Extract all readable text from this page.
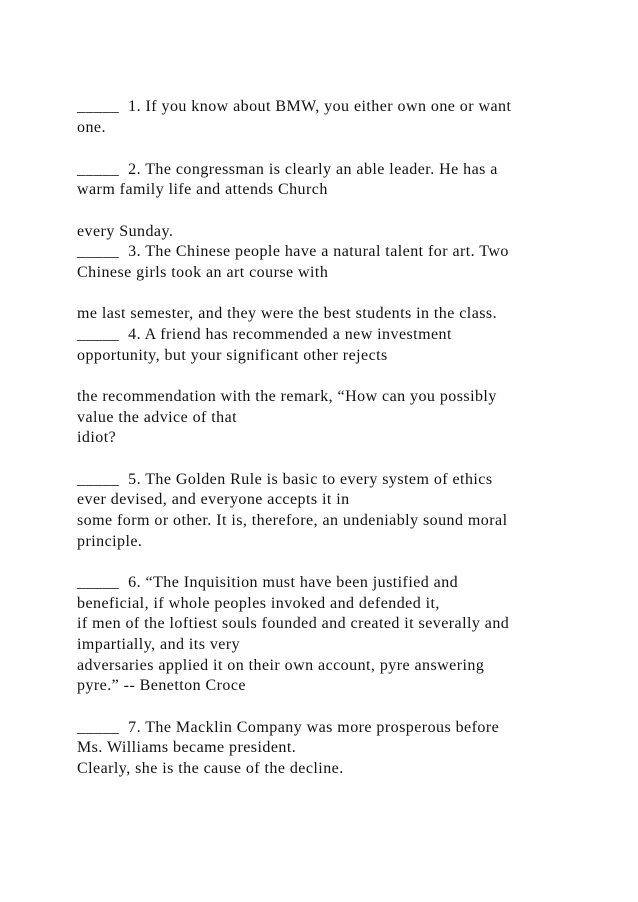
_____  1. If you know about BMW, you either own one or want
one.
_____  2. The congressman is clearly an able leader. He has a
warm family life and attends Church
every Sunday.
_____  3. The Chinese people have a natural talent for art. Two
Chinese girls took an art course with
me last semester, and they were the best students in the class.
_____  4. A friend has recommended a new investment
opportunity, but your significant other rejects
the recommendation with the remark, “How can you possibly
value the advice of that
idiot?
_____  5. The Golden Rule is basic to every system of ethics
ever devised, and everyone accepts it in
some form or other. It is, therefore, an undeniably sound moral
principle.
_____  6. “The Inquisition must have been justified and
beneficial, if whole peoples invoked and defended it,
if men of the loftiest souls founded and created it severally and
impartially, and its very
adversaries applied it on their own account, pyre answering
pyre.” -- Benetton Croce
_____  7. The Macklin Company was more prosperous before
Ms. Williams became president.
Clearly, she is the cause of the decline.
